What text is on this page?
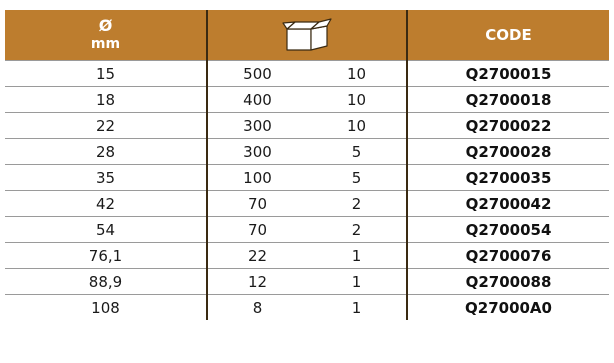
Ø
mm			CODE
15	500	10	Q2700015
18	400	10	Q2700018
22	300	10	Q2700022
28	300	5	Q2700028
35	100	5	Q2700035
42	70	2	Q2700042
54	70	2	Q2700054
76,1	22	1	Q2700076
88,9	12	1	Q2700088
108	8	1	Q27000A0
